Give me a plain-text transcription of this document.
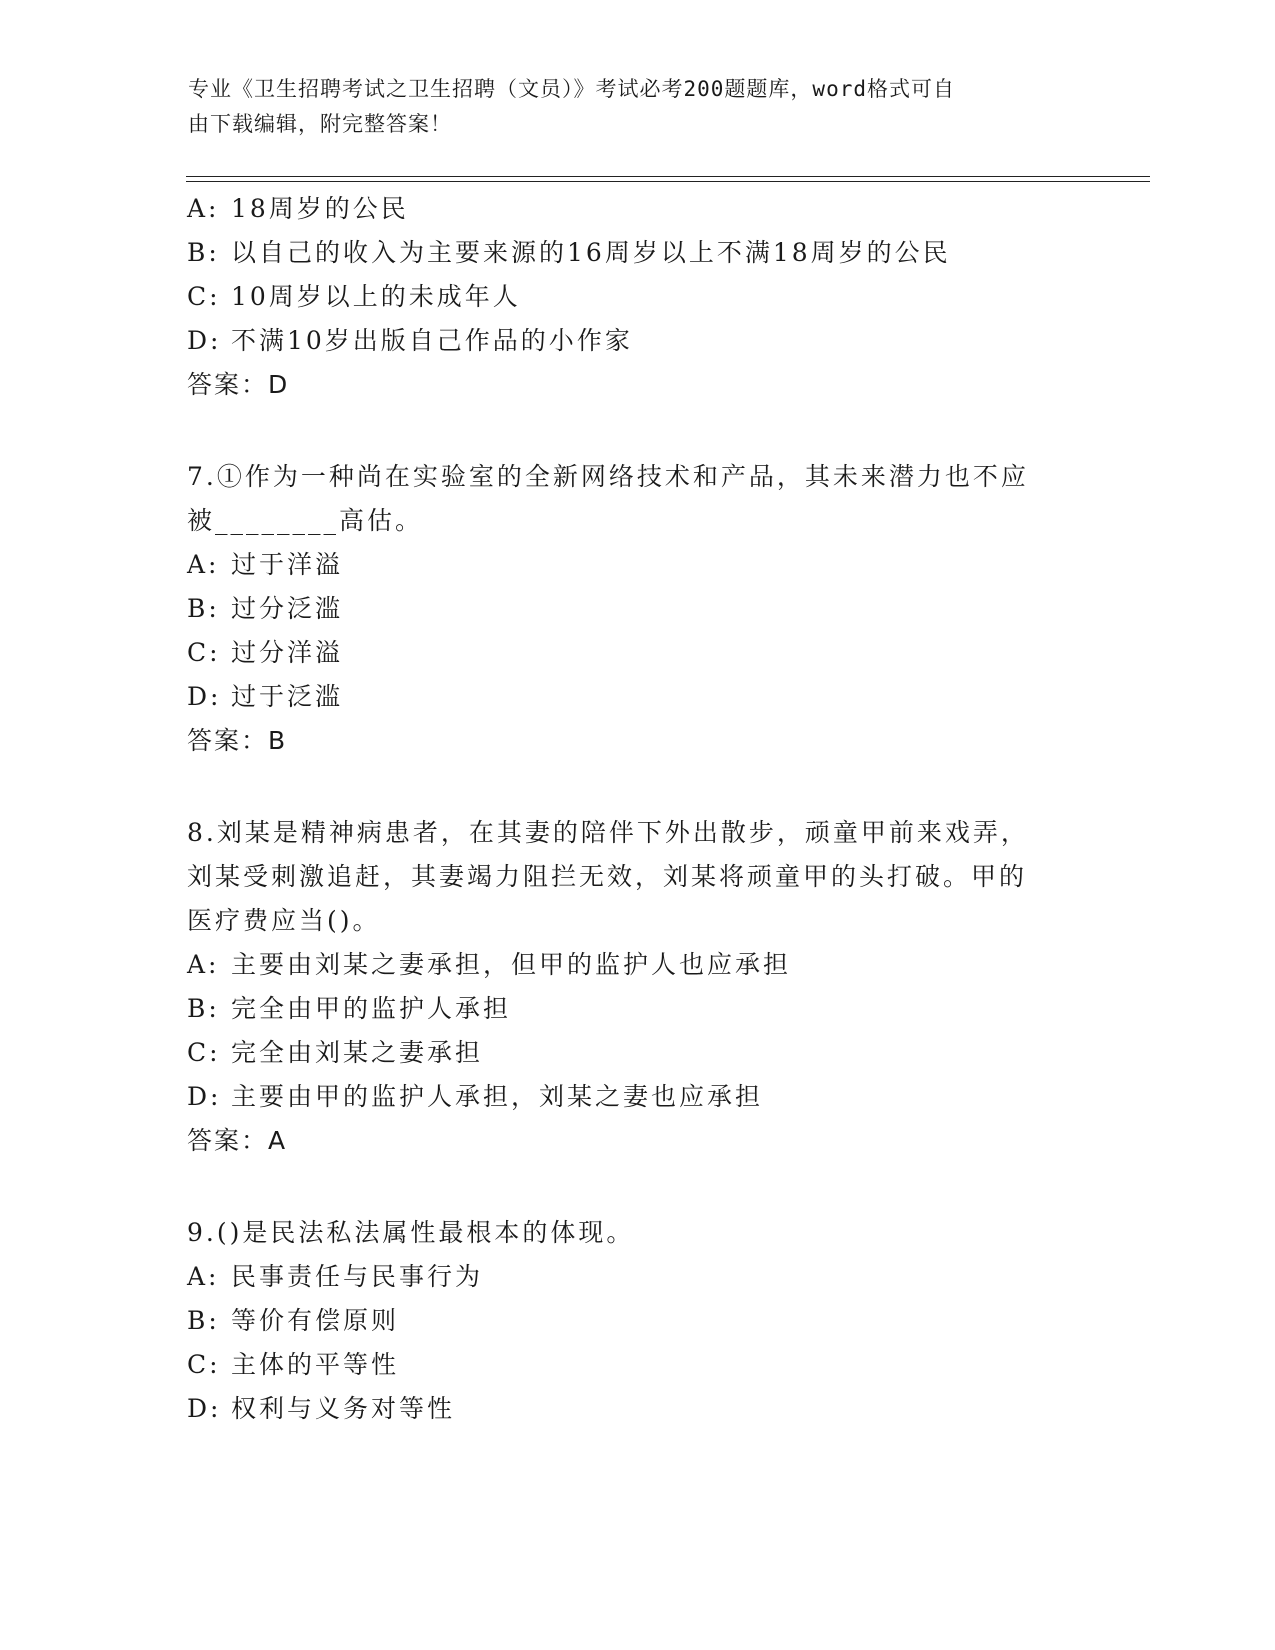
专业《卫生招聘考试之卫生招聘（文员）》考试必考200题题库，word格式可自
由下载编辑，附完整答案！
A: 18周岁的公民
B: 以自己的收入为主要来源的16周岁以上不满18周岁的公民
C: 10周岁以上的未成年人
D: 不满10岁出版自己作品的小作家
答案：D
7.①作为一种尚在实验室的全新网络技术和产品，其未来潜力也不应
被________高估。
A: 过于洋溢
B: 过分泛滥
C: 过分洋溢
D: 过于泛滥
答案：B
8.刘某是精神病患者，在其妻的陪伴下外出散步，顽童甲前来戏弄，
刘某受刺激追赶，其妻竭力阻拦无效，刘某将顽童甲的头打破。甲的
医疗费应当()。
A: 主要由刘某之妻承担，但甲的监护人也应承担
B: 完全由甲的监护人承担
C: 完全由刘某之妻承担
D: 主要由甲的监护人承担，刘某之妻也应承担
答案：A
9.()是民法私法属性最根本的体现。
A: 民事责任与民事行为
B: 等价有偿原则
C: 主体的平等性
D: 权利与义务对等性
